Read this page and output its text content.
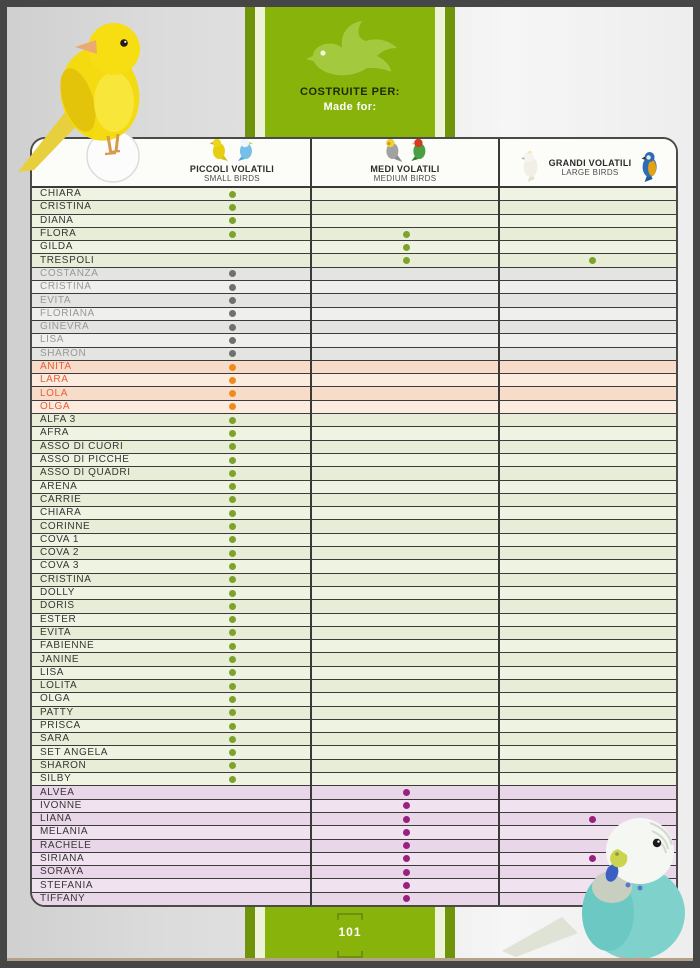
COSTRUITE PER:
Made for:
PICCOLI VOLATILI
SMALL BIRDS
MEDI VOLATILI
MEDIUM BIRDS
GRANDI VOLATILI
LARGE BIRDS
CHIARA
CRISTINA
DIANA
FLORA
GILDA
TRESPOLI
COSTANZA
CRISTINA
EVITA
FLORIANA
GINEVRA
LISA
SHARON
ANITA
LARA
LOLA
OLGA
ALFA 3
AFRA
ASSO DI CUORI
ASSO DI PICCHE
ASSO DI QUADRI
ARENA
CARRIE
CHIARA
CORINNE
COVA 1
COVA 2
COVA 3
CRISTINA
DOLLY
DORIS
ESTER
EVITA
FABIENNE
JANINE
LISA
LOLITA
OLGA
PATTY
PRISCA
SARA
SET ANGELA
SHARON
SILBY
ALVEA
IVONNE
LIANA
MELANIA
RACHELE
SIRIANA
SORAYA
STEFANIA
TIFFANY
101
